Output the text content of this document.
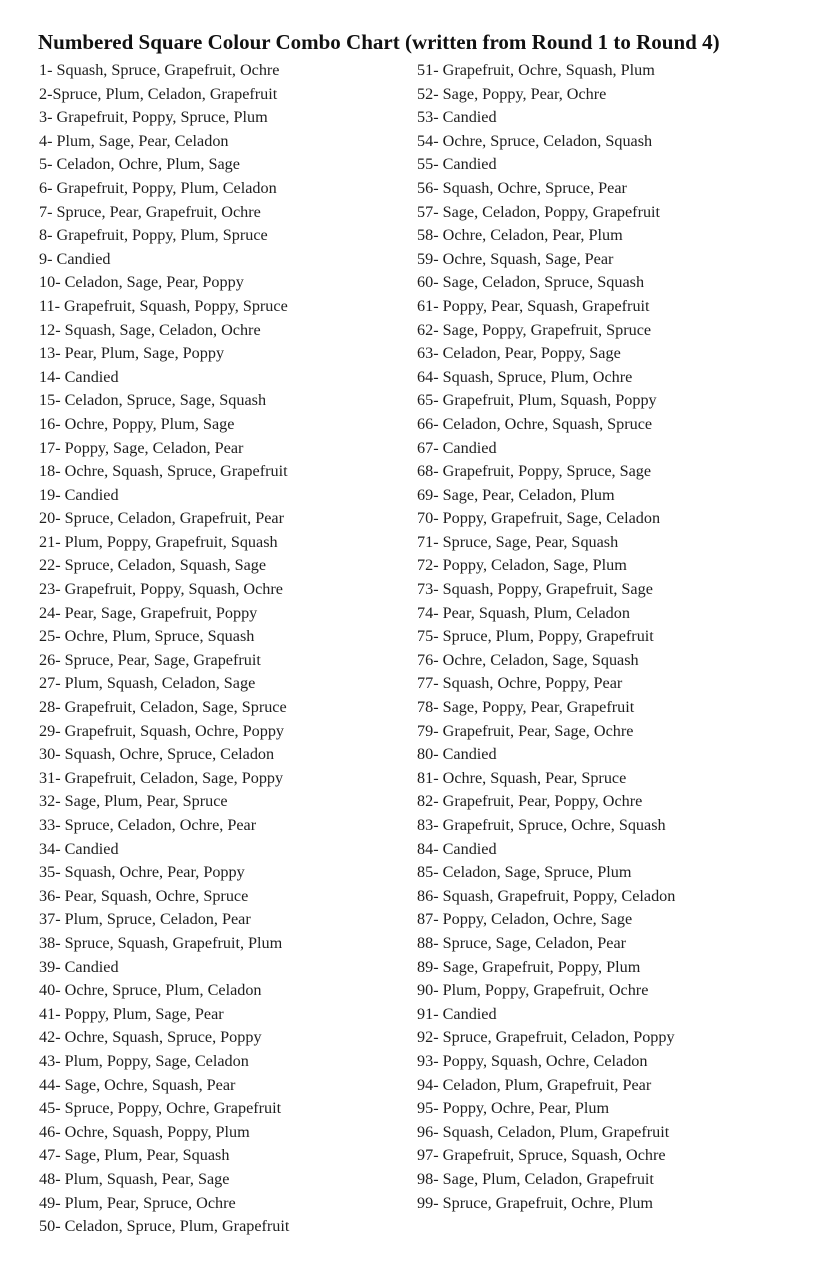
Numbered Square Colour Combo Chart (written from Round 1 to Round 4)
1- Squash, Spruce, Grapefruit, Ochre
2-Spruce, Plum, Celadon, Grapefruit
3- Grapefruit, Poppy, Spruce, Plum
4- Plum, Sage, Pear, Celadon
5- Celadon, Ochre, Plum, Sage
6- Grapefruit, Poppy, Plum, Celadon
7- Spruce, Pear, Grapefruit, Ochre
8- Grapefruit, Poppy, Plum, Spruce
9- Candied
10- Celadon, Sage, Pear, Poppy
11- Grapefruit, Squash, Poppy, Spruce
12- Squash, Sage, Celadon, Ochre
13- Pear, Plum, Sage, Poppy
14- Candied
15- Celadon, Spruce, Sage, Squash
16- Ochre, Poppy, Plum, Sage
17- Poppy, Sage, Celadon, Pear
18- Ochre, Squash, Spruce, Grapefruit
19- Candied
20- Spruce, Celadon, Grapefruit, Pear
21- Plum, Poppy, Grapefruit, Squash
22- Spruce, Celadon, Squash, Sage
23- Grapefruit, Poppy, Squash, Ochre
24- Pear, Sage, Grapefruit, Poppy
25- Ochre, Plum, Spruce, Squash
26- Spruce, Pear, Sage, Grapefruit
27- Plum, Squash, Celadon, Sage
28- Grapefruit, Celadon, Sage, Spruce
29- Grapefruit, Squash, Ochre, Poppy
30- Squash, Ochre, Spruce, Celadon
31- Grapefruit, Celadon, Sage, Poppy
32- Sage, Plum, Pear, Spruce
33- Spruce, Celadon, Ochre, Pear
34- Candied
35- Squash, Ochre, Pear, Poppy
36- Pear, Squash, Ochre, Spruce
37- Plum, Spruce, Celadon, Pear
38- Spruce, Squash, Grapefruit, Plum
39- Candied
40- Ochre, Spruce, Plum, Celadon
41- Poppy, Plum, Sage, Pear
42- Ochre, Squash, Spruce, Poppy
43- Plum, Poppy, Sage, Celadon
44- Sage, Ochre, Squash, Pear
45- Spruce, Poppy, Ochre, Grapefruit
46- Ochre, Squash, Poppy, Plum
47- Sage, Plum, Pear, Squash
48- Plum, Squash, Pear, Sage
49- Plum, Pear, Spruce, Ochre
50- Celadon, Spruce, Plum, Grapefruit
51- Grapefruit, Ochre, Squash, Plum
52- Sage, Poppy, Pear, Ochre
53- Candied
54- Ochre, Spruce, Celadon, Squash
55- Candied
56- Squash, Ochre, Spruce, Pear
57- Sage, Celadon, Poppy, Grapefruit
58- Ochre, Celadon, Pear, Plum
59- Ochre, Squash, Sage, Pear
60- Sage, Celadon, Spruce, Squash
61- Poppy, Pear, Squash, Grapefruit
62- Sage, Poppy, Grapefruit, Spruce
63- Celadon, Pear, Poppy, Sage
64- Squash, Spruce, Plum, Ochre
65- Grapefruit, Plum, Squash, Poppy
66- Celadon, Ochre, Squash, Spruce
67- Candied
68- Grapefruit, Poppy, Spruce, Sage
69- Sage, Pear, Celadon, Plum
70- Poppy, Grapefruit, Sage, Celadon
71- Spruce, Sage, Pear, Squash
72- Poppy, Celadon, Sage, Plum
73- Squash, Poppy, Grapefruit, Sage
74- Pear, Squash, Plum, Celadon
75- Spruce, Plum, Poppy, Grapefruit
76- Ochre, Celadon, Sage, Squash
77- Squash, Ochre, Poppy, Pear
78- Sage, Poppy, Pear, Grapefruit
79- Grapefruit, Pear, Sage, Ochre
80- Candied
81- Ochre, Squash, Pear, Spruce
82- Grapefruit, Pear, Poppy, Ochre
83- Grapefruit, Spruce, Ochre, Squash
84- Candied
85- Celadon, Sage, Spruce, Plum
86- Squash, Grapefruit, Poppy, Celadon
87- Poppy, Celadon, Ochre, Sage
88- Spruce, Sage, Celadon, Pear
89- Sage, Grapefruit, Poppy, Plum
90- Plum, Poppy, Grapefruit, Ochre
91- Candied
92- Spruce, Grapefruit, Celadon, Poppy
93- Poppy, Squash, Ochre, Celadon
94- Celadon, Plum, Grapefruit, Pear
95- Poppy, Ochre, Pear, Plum
96- Squash, Celadon, Plum, Grapefruit
97- Grapefruit, Spruce, Squash, Ochre
98- Sage, Plum, Celadon, Grapefruit
99- Spruce, Grapefruit, Ochre, Plum
